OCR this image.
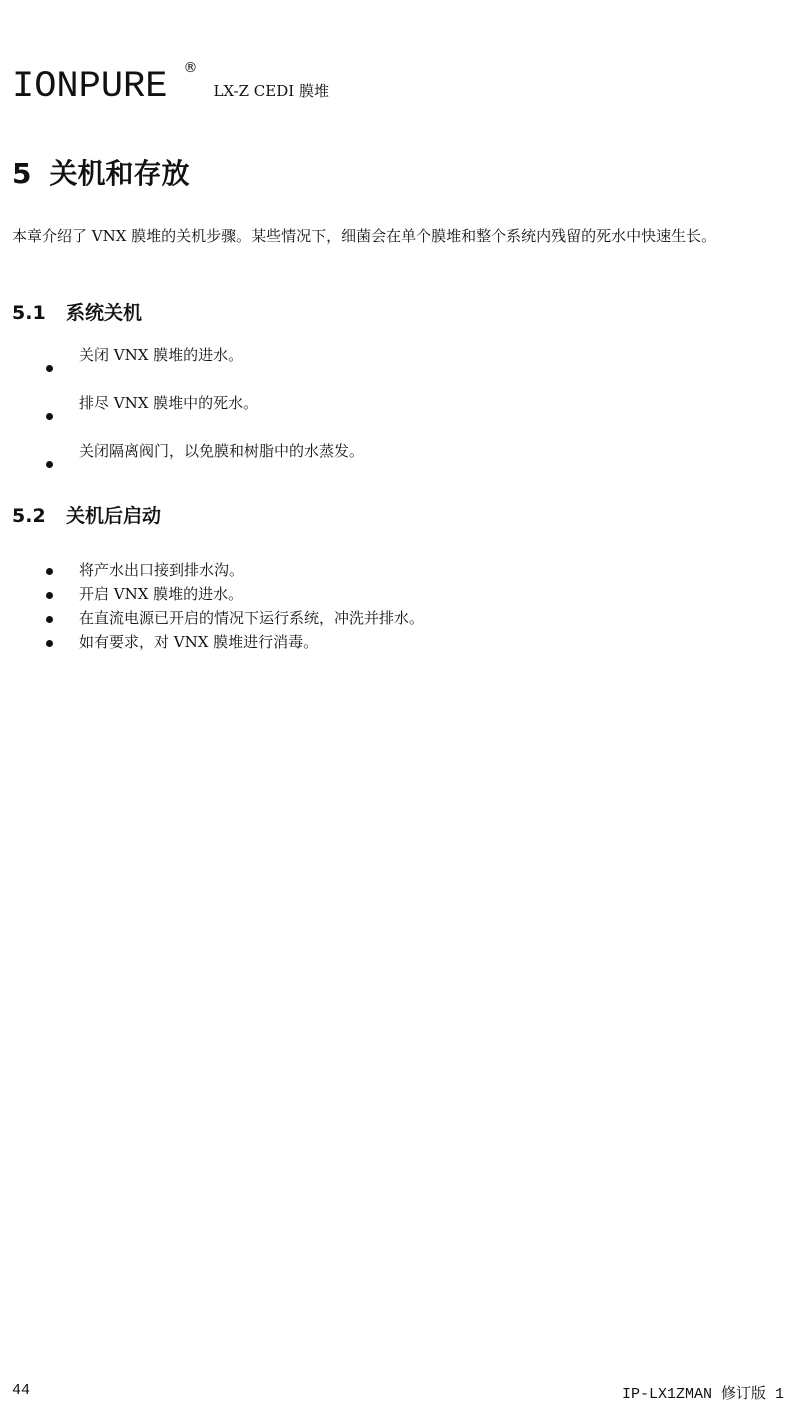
IONPURE ®LX-Z CEDI 膜堆
5 关机和存放

本章介绍了 VNX 膜堆的关机步骤。某些情况下，细菌会在单个膜堆和整个系统内残留的死水中快速生长。

5.1 系统关机
关闭 VNX 膜堆的进水。
排尽 VNX 膜堆中的死水。
关闭隔离阀门，以免膜和树脂中的水蒸发。
5.2 关机后启动
将产水出口接到排水沟。
开启 VNX 膜堆的进水。
在直流电源已开启的情况下运行系统，冲洗并排水。
如有要求，对 VNX 膜堆进行消毒。
44	IP-LX1ZMAN 修订版 1
